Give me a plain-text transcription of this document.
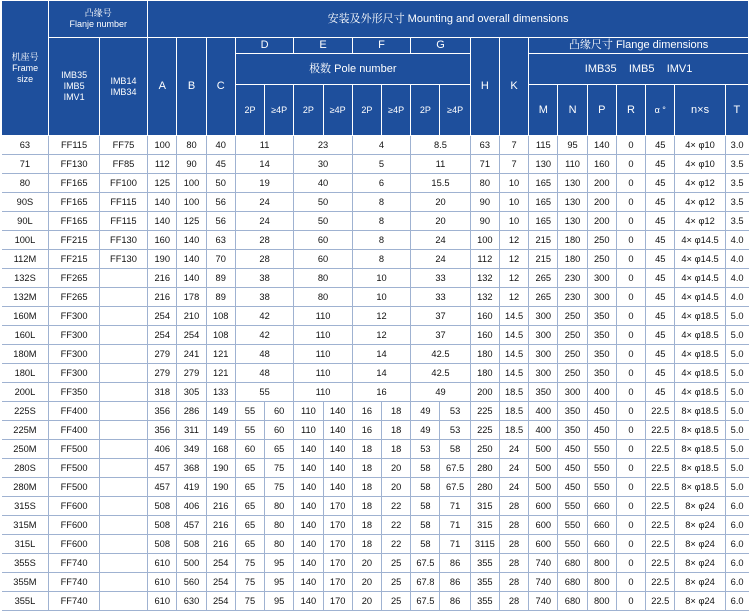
机座号
Frame
size	凸缘号
Flanje number		安装及外形尺寸 Mounting and overall dimensions																			
	IMB35
IMB5
IMV1	IMB14
IMB34	A	B	C	D		E		F		G		H	K	凸缘尺寸 Flange dimensions						
						极数 Pole number										IMB35    IMB5    IMV1						
						2P	≥4P	2P	≥4P	2P	≥4P	2P	≥4P			M	N	P	R	α °	n×s	T
63	FF115	FF75	100	80	40	11		23		4		8.5		63	7	115	95	140	0	45	4× φ10	3.0
71	FF130	FF85	112	90	45	14		30		5		11		71	7	130	110	160	0	45	4× φ10	3.5
80	FF165	FF100	125	100	50	19		40		6		15.5		80	10	165	130	200	0	45	4× φ12	3.5
90S	FF165	FF115	140	100	56	24		50		8		20		90	10	165	130	200	0	45	4× φ12	3.5
90L	FF165	FF115	140	125	56	24		50		8		20		90	10	165	130	200	0	45	4× φ12	3.5
100L	FF215	FF130	160	140	63	28		60		8		24		100	12	215	180	250	0	45	4× φ14.5	4.0
112M	FF215	FF130	190	140	70	28		60		8		24		112	12	215	180	250	0	45	4× φ14.5	4.0
132S	FF265		216	140	89	38		80		10		33		132	12	265	230	300	0	45	4× φ14.5	4.0
132M	FF265		216	178	89	38		80		10		33		132	12	265	230	300	0	45	4× φ14.5	4.0
160M	FF300		254	210	108	42		110		12		37		160	14.5	300	250	350	0	45	4× φ18.5	5.0
160L	FF300		254	254	108	42		110		12		37		160	14.5	300	250	350	0	45	4× φ18.5	5.0
180M	FF300		279	241	121	48		110		14		42.5		180	14.5	300	250	350	0	45	4× φ18.5	5.0
180L	FF300		279	279	121	48		110		14		42.5		180	14.5	300	250	350	0	45	4× φ18.5	5.0
200L	FF350		318	305	133	55		110		16		49		200	18.5	350	300	400	0	45	4× φ18.5	5.0
225S	FF400		356	286	149	55	60	110	140	16	18	49	53	225	18.5	400	350	450	0	22.5	8× φ18.5	5.0
225M	FF400		356	311	149	55	60	110	140	16	18	49	53	225	18.5	400	350	450	0	22.5	8× φ18.5	5.0
250M	FF500		406	349	168	60	65	140	140	18	18	53	58	250	24	500	450	550	0	22.5	8× φ18.5	5.0
280S	FF500		457	368	190	65	75	140	140	18	20	58	67.5	280	24	500	450	550	0	22.5	8× φ18.5	5.0
280M	FF500		457	419	190	65	75	140	140	18	20	58	67.5	280	24	500	450	550	0	22.5	8× φ18.5	5.0
315S	FF600		508	406	216	65	80	140	170	18	22	58	71	315	28	600	550	660	0	22.5	8× φ24	6.0
315M	FF600		508	457	216	65	80	140	170	18	22	58	71	315	28	600	550	660	0	22.5	8× φ24	6.0
315L	FF600		508	508	216	65	80	140	170	18	22	58	71	3115	28	600	550	660	0	22.5	8× φ24	6.0
355S	FF740		610	500	254	75	95	140	170	20	25	67.5	86	355	28	740	680	800	0	22.5	8× φ24	6.0
355M	FF740		610	560	254	75	95	140	170	20	25	67.8	86	355	28	740	680	800	0	22.5	8× φ24	6.0
355L	FF740		610	630	254	75	95	140	170	20	25	67.5	86	355	28	740	680	800	0	22.5	8× φ24	6.0
